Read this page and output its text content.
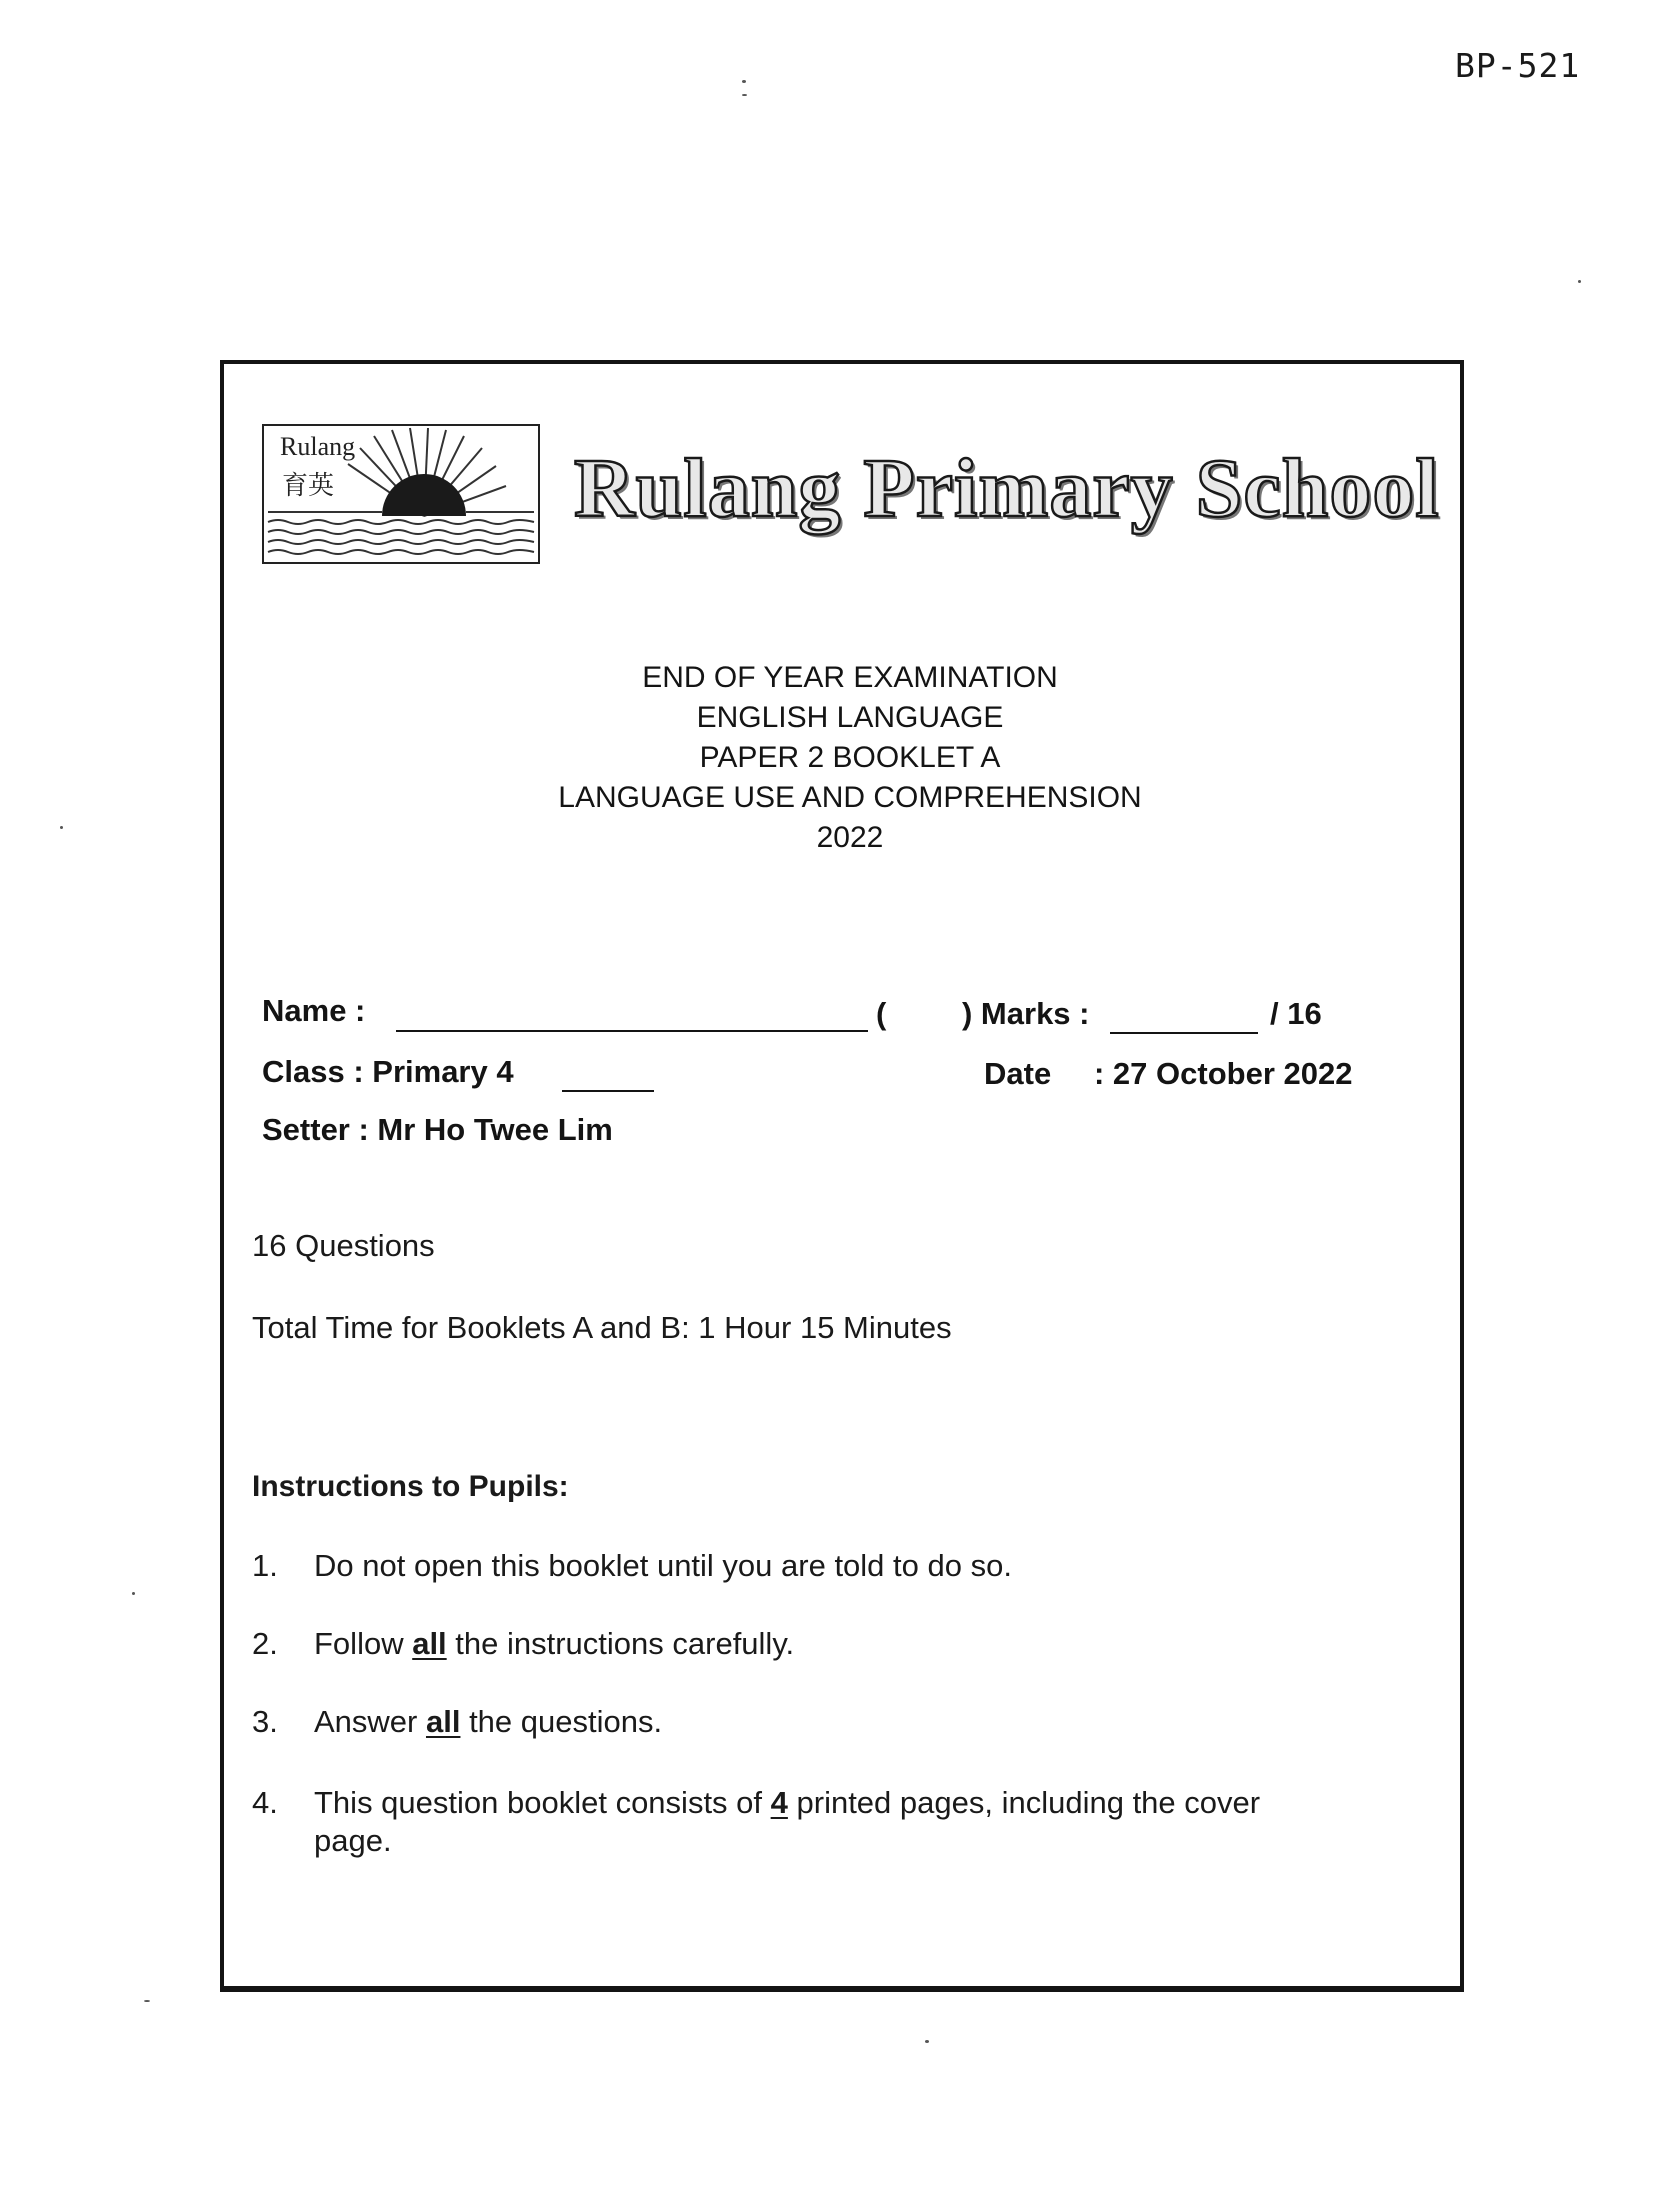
BP-521
育英
Rulang	Rulang Primary School
END OF YEAR EXAMINATION
ENGLISH LANGUAGE
PAPER 2 BOOKLET A
LANGUAGE USE AND COMPREHENSION
2022
Name :	( ) Marks :	/ 16
Class : Primary 4	Date : 27 October 2022
Setter : Mr Ho Twee Lim
16 Questions
Total Time for Booklets A and B: 1 Hour 15 Minutes
Instructions to Pupils:
1. Do not open this booklet until you are told to do so.
2. Follow all the instructions carefully.
3. Answer all the questions.
4. This question booklet consists of 4 printed pages, including the cover
page.
